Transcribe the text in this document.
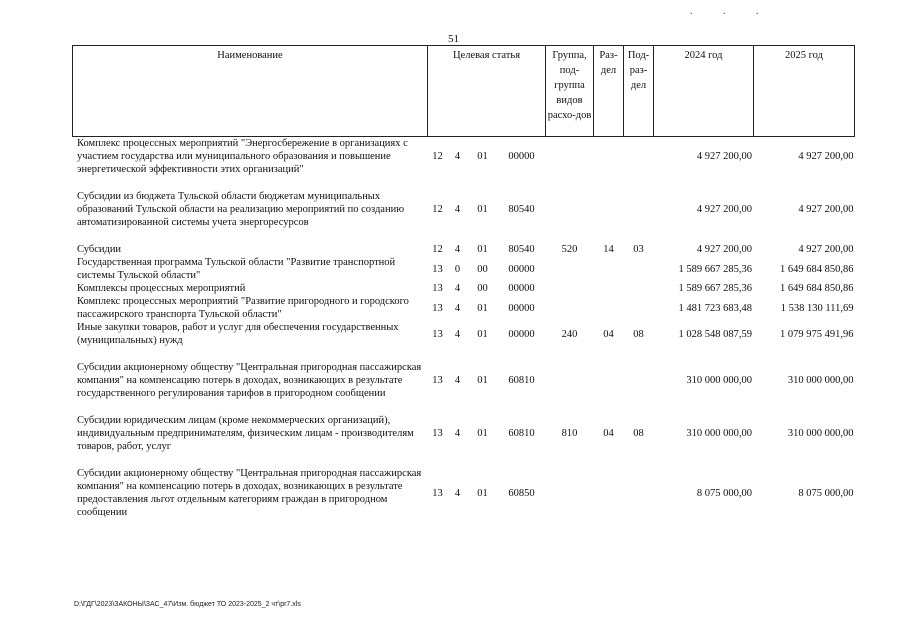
. . .
51
Наименование	Целевая статья				Группа, под-группа видов расхо-дов	Раз-дел	Под-раз-дел	2024 год	2025 год
Комплекс процессных мероприятий "Энергосбережение в организациях с участием государства или муниципального образования и повышение энергетической эффективности этих организаций"	12	4	01	00000				4 927 200,00	4 927 200,00

Субсидии из бюджета Тульской области бюджетам муниципальных образований Тульской области на реализацию мероприятий по созданию автоматизированной системы учета энергоресурсов	12	4	01	80540				4 927 200,00	4 927 200,00

Субсидии	12	4	01	80540	520	14	03	4 927 200,00	4 927 200,00
Государственная программа Тульской области "Развитие транспортной системы Тульской области"	13	0	00	00000				1 589 667 285,36	1 649 684 850,86
Комплексы процессных мероприятий	13	4	00	00000				1 589 667 285,36	1 649 684 850,86
Комплекс процессных мероприятий "Развитие пригородного и городского пассажирского транспорта Тульской области"	13	4	01	00000				1 481 723 683,48	1 538 130 111,69
Иные закупки товаров, работ и услуг для обеспечения государственных (муниципальных) нужд	13	4	01	00000	240	04	08	1 028 548 087,59	1 079 975 491,96

Субсидии акционерному обществу "Центральная пригородная пассажирская компания" на компенсацию потерь в доходах, возникающих в результате государственного регулирования тарифов в пригородном сообщении	13	4	01	60810				310 000 000,00	310 000 000,00

Субсидии юридическим лицам (кроме некоммерческих организаций), индивидуальным предпринимателям, физическим лицам - производителям товаров, работ, услуг	13	4	01	60810	810	04	08	310 000 000,00	310 000 000,00

Субсидии акционерному обществу "Центральная пригородная пассажирская компания" на компенсацию потерь в доходах, возникающих в результате предоставления льгот отдельным категориям граждан в пригородном сообщении	13	4	01	60850				8 075 000,00	8 075 000,00
D:\ГДГ\2023\ЗАКОНЫ\ЗАС_47\Изм. бюджет ТО 2023-2025_2 чт\pr7.xls
